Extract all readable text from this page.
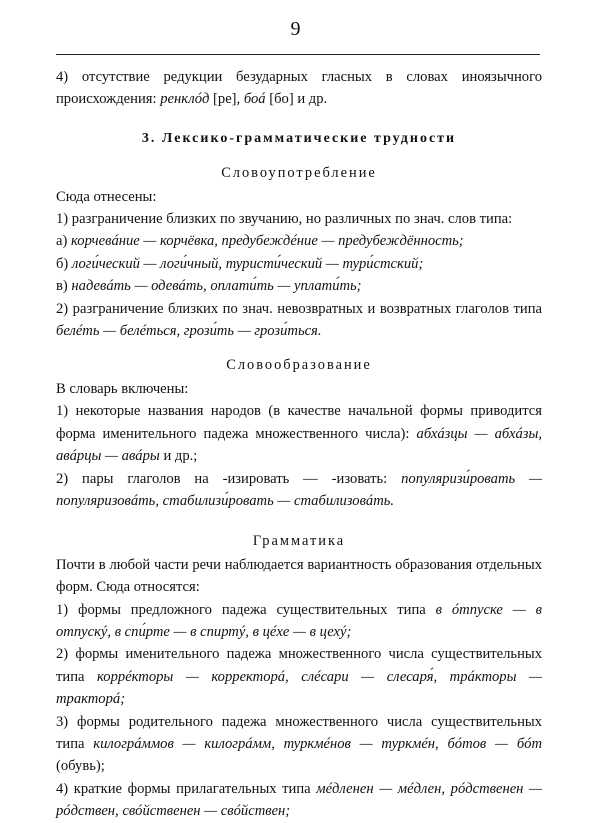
9

4) отсутствие редукции безударных гласных в словах иноязычного происхождения: ренклóд [ре], боá [бо] и др.

3. Лексико-грамматические трудности
Словоупотребление

Сюда отнесены:

1) разграничение близких по звучанию, но различных по знач. слов типа:

а) корчевáние — корчёвка, предубеждéние — предубеждённость;

б) логи́ческий — логи́чный, туристи́ческий — тури́стский;

в) надевáть — одевáть, оплати́ть — уплати́ть;

2) разграничение близких по знач. невозвратных и возвратных глаголов типа белéть — белéться, грози́ть — грози́ться.

Словообразование

В словарь включены:

1) некоторые названия народов (в качестве начальной формы приводится форма именительного падежа множественного числа): абхáзцы — абхáзы, авáрцы — авáры и др.;

2) пары глаголов на -изировать — -изовать: популяризи́ровать — популяризовáть, стабилизи́ровать — стабилизовáть.

Грамматика

Почти в любой части речи наблюдается вариантность образования отдельных форм. Сюда относятся:

1) формы предложного падежа существительных типа в óтпуске — в отпускý, в спи́рте — в спиртý, в цéхе — в цехý;

2) формы именительного падежа множественного числа существительных типа коррéкторы — корректорá, слéсари — слесаря́, трáкторы — тракторá;

3) формы родительного падежа множественного числа существительных типа килогрáммов — килогрáмм, туркмéнов — туркмéн, бóтов — бóт (обувь);

4) краткие формы прилагательных типа мéдленен — мéдлен, рóдственен — рóдствен, свóйственен — свóйствен;
